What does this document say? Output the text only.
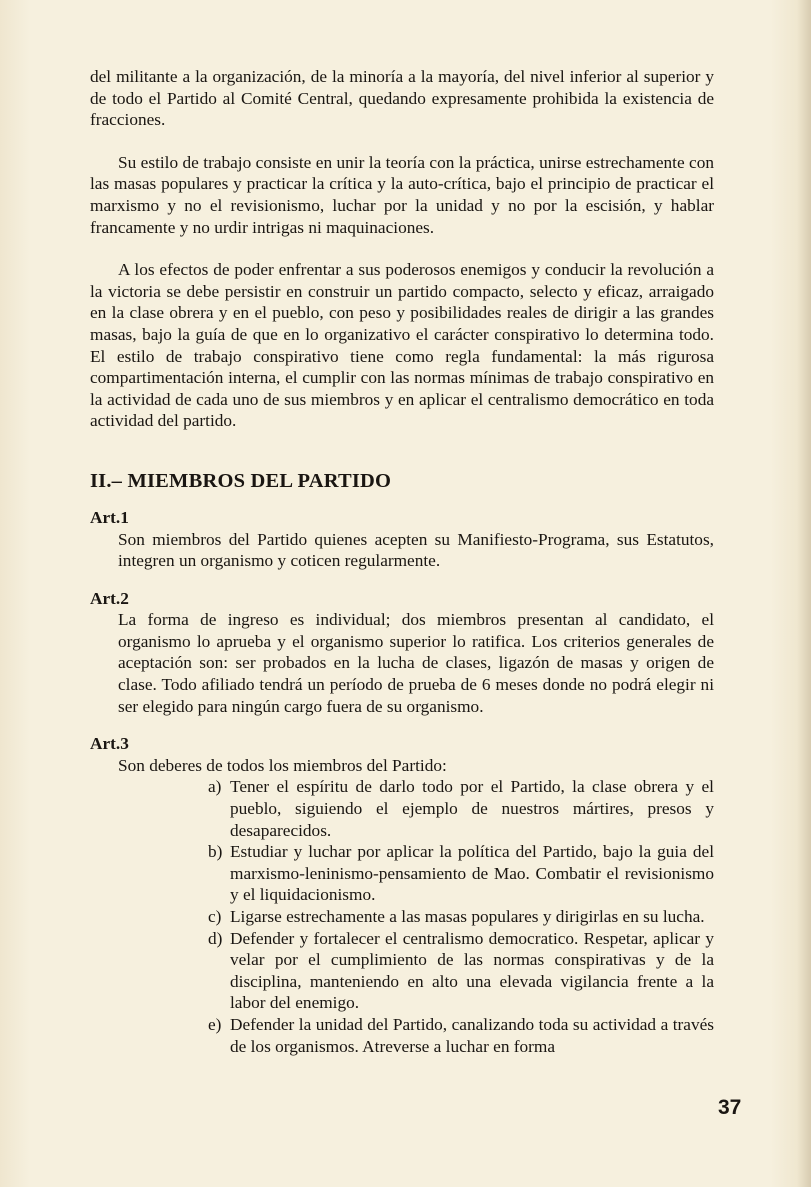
del militante a la organización, de la minoría a la mayoría, del nivel inferior al superior y de todo el Partido al Comité Central, quedando expresamente prohibida la existencia de fracciones.

Su estilo de trabajo consiste en unir la teoría con la práctica, unirse estrechamente con las masas populares y practicar la crítica y la auto-crítica, bajo el principio de practicar el marxismo y no el revisionismo, luchar por la unidad y no por la escisión, y hablar francamente y no urdir intrigas ni maquinaciones.

A los efectos de poder enfrentar a sus poderosos enemigos y conducir la revolución a la victoria se debe persistir en construir un partido compacto, selecto y eficaz, arraigado en la clase obrera y en el pueblo, con peso y posibilidades reales de dirigir a las grandes masas, bajo la guía de que en lo organizativo el carácter conspirativo lo determina todo. El estilo de trabajo conspirativo tiene como regla fundamental: la más rigurosa compartimentación interna, el cumplir con las normas mínimas de trabajo conspirativo en la actividad de cada uno de sus miembros y en aplicar el centralismo democrático en toda actividad del partido.

II.– MIEMBROS DEL PARTIDO
Art.1

Son miembros del Partido quienes acepten su Manifiesto-Programa, sus Estatutos, integren un organismo y coticen regularmente.

Art.2

La forma de ingreso es individual; dos miembros presentan al candidato, el organismo lo aprueba y el organismo superior lo ratifica. Los criterios generales de aceptación son: ser probados en la lucha de clases, ligazón de masas y origen de clase. Todo afiliado tendrá un período de prueba de 6 meses donde no podrá elegir ni ser elegido para ningún cargo fuera de su organismo.

Art.3

Son deberes de todos los miembros del Partido:

a) Tener el espíritu de darlo todo por el Partido, la clase obrera y el pueblo, siguiendo el ejemplo de nuestros mártires, presos y desaparecidos.
b) Estudiar y luchar por aplicar la política del Partido, bajo la guia del marxismo-leninismo-pensamiento de Mao. Combatir el revisionismo y el liquidacionismo.
c) Ligarse estrechamente a las masas populares y dirigirlas en su lucha.
d) Defender y fortalecer el centralismo democratico. Respetar, aplicar y velar por el cumplimiento de las normas conspirativas y de la disciplina, manteniendo en alto una elevada vigilancia frente a la labor del enemigo.
e) Defender la unidad del Partido, canalizando toda su actividad a través de los organismos. Atreverse a luchar en forma
37
